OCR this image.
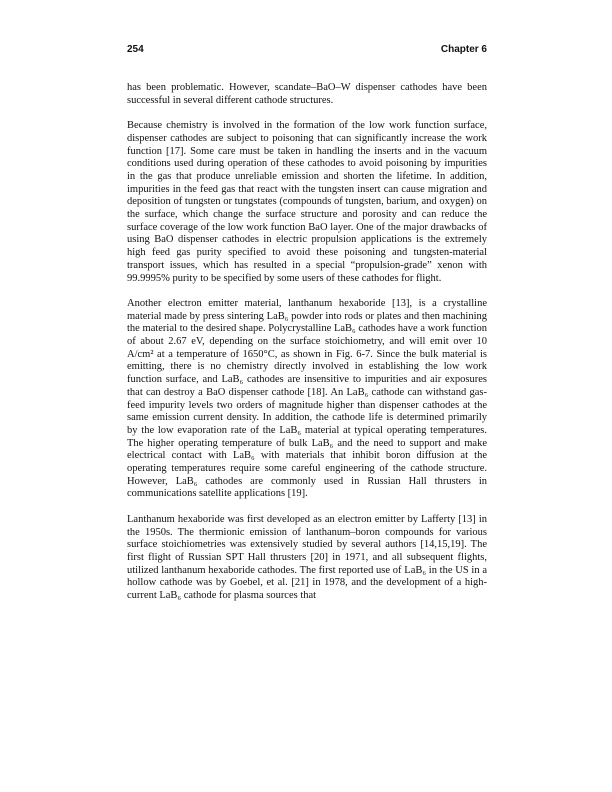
254	Chapter 6

has been problematic. However, scandate–BaO–W dispenser cathodes have been successful in several different cathode structures.

Because chemistry is involved in the formation of the low work function surface, dispenser cathodes are subject to poisoning that can significantly increase the work function [17]. Some care must be taken in handling the inserts and in the vacuum conditions used during operation of these cathodes to avoid poisoning by impurities in the gas that produce unreliable emission and shorten the lifetime. In addition, impurities in the feed gas that react with the tungsten insert can cause migration and deposition of tungsten or tungstates (compounds of tungsten, barium, and oxygen) on the surface, which change the surface structure and porosity and can reduce the surface coverage of the low work function BaO layer. One of the major drawbacks of using BaO dispenser cathodes in electric propulsion applications is the extremely high feed gas purity specified to avoid these poisoning and tungsten-material transport issues, which has resulted in a special “propulsion-grade” xenon with 99.9995% purity to be specified by some users of these cathodes for flight.

Another electron emitter material, lanthanum hexaboride [13], is a crystalline material made by press sintering LaB₆ powder into rods or plates and then machining the material to the desired shape. Polycrystalline LaB₆ cathodes have a work function of about 2.67 eV, depending on the surface stoichiometry, and will emit over 10 A/cm² at a temperature of 1650°C, as shown in Fig. 6-7. Since the bulk material is emitting, there is no chemistry directly involved in establishing the low work function surface, and LaB₆ cathodes are insensitive to impurities and air exposures that can destroy a BaO dispenser cathode [18]. An LaB₆ cathode can withstand gas-feed impurity levels two orders of magnitude higher than dispenser cathodes at the same emission current density. In addition, the cathode life is determined primarily by the low evaporation rate of the LaB₆ material at typical operating temperatures. The higher operating temperature of bulk LaB₆ and the need to support and make electrical contact with LaB₆ with materials that inhibit boron diffusion at the operating temperatures require some careful engineering of the cathode structure. However, LaB₆ cathodes are commonly used in Russian Hall thrusters in communications satellite applications [19].

Lanthanum hexaboride was first developed as an electron emitter by Lafferty [13] in the 1950s. The thermionic emission of lanthanum–boron compounds for various surface stoichiometries was extensively studied by several authors [14,15,19]. The first flight of Russian SPT Hall thrusters [20] in 1971, and all subsequent flights, utilized lanthanum hexaboride cathodes. The first reported use of LaB₆ in the US in a hollow cathode was by Goebel, et al. [21] in 1978, and the development of a high-current LaB₆ cathode for plasma sources that
